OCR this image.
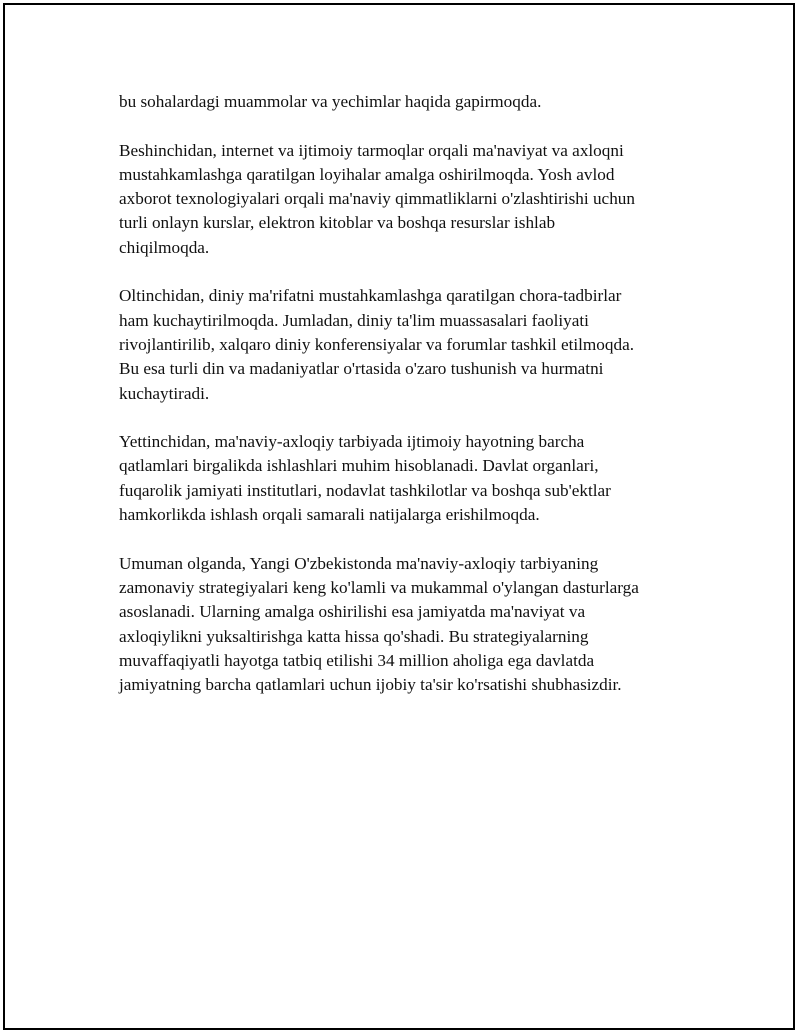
bu sohalardagi muammolar va yechimlar haqida gapirmoqda.

Beshinchidan, internet va ijtimoiy tarmoqlar orqali ma'naviyat va axloqni
mustahkamlashga qaratilgan loyihalar amalga oshirilmoqda. Yosh avlod
axborot texnologiyalari orqali ma'naviy qimmatliklarni o'zlashtirishi uchun
turli onlayn kurslar, elektron kitoblar va boshqa resurslar ishlab
chiqilmoqda.

Oltinchidan, diniy ma'rifatni mustahkamlashga qaratilgan chora-tadbirlar
ham kuchaytirilmoqda. Jumladan, diniy ta'lim muassasalari faoliyati
rivojlantirilib, xalqaro diniy konferensiyalar va forumlar tashkil etilmoqda.
Bu esa turli din va madaniyatlar o'rtasida o'zaro tushunish va hurmatni
kuchaytiradi.

Yettinchidan, ma'naviy-axloqiy tarbiyada ijtimoiy hayotning barcha
qatlamlari birgalikda ishlashlari muhim hisoblanadi. Davlat organlari,
fuqarolik jamiyati institutlari, nodavlat tashkilotlar va boshqa sub'ektlar
hamkorlikda ishlash orqali samarali natijalarga erishilmoqda.

Umuman olganda, Yangi O'zbekistonda ma'naviy-axloqiy tarbiyaning
zamonaviy strategiyalari keng ko'lamli va mukammal o'ylangan dasturlarga
asoslanadi. Ularning amalga oshirilishi esa jamiyatda ma'naviyat va
axloqiylikni yuksaltirishga katta hissa qo'shadi. Bu strategiyalarning
muvaffaqiyatli hayotga tatbiq etilishi 34 million aholiga ega davlatda
jamiyatning barcha qatlamlari uchun ijobiy ta'sir ko'rsatishi shubhasizdir.
